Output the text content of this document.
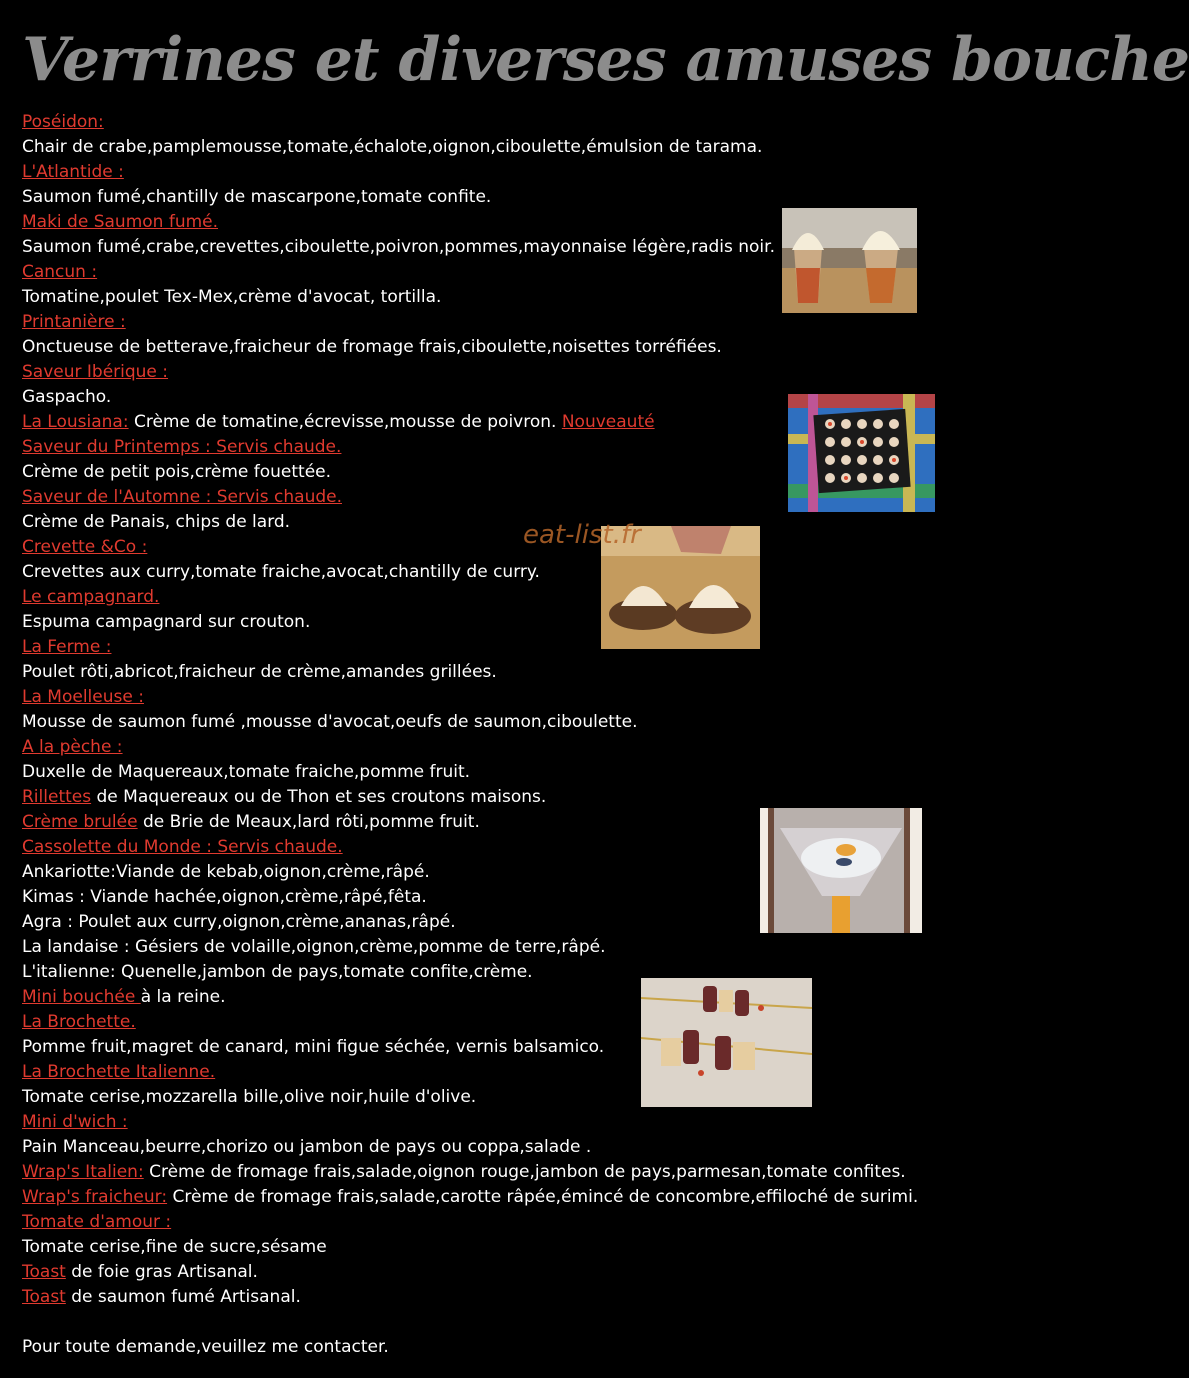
Verrines et diverses amuses bouche
Poséidon:
Chair de crabe,pamplemousse,tomate,échalote,oignon,ciboulette,émulsion de tarama.
L'Atlantide :
Saumon fumé,chantilly de mascarpone,tomate confite.
Maki de Saumon fumé.
Saumon fumé,crabe,crevettes,ciboulette,poivron,pommes,mayonnaise légère,radis noir.
Cancun :
Tomatine,poulet Tex-Mex,crème d'avocat, tortilla.
Printanière :
Onctueuse de betterave,fraicheur de fromage frais,ciboulette,noisettes torréfiées.
Saveur Ibérique :
Gaspacho.
La Lousiana: Crème de tomatine,écrevisse,mousse de poivron. Nouveauté
Saveur du Printemps : Servis chaude.
Crème de petit pois,crème fouettée.
Saveur de l'Automne : Servis chaude.
Crème de Panais, chips de lard.
Crevette &Co :
Crevettes aux curry,tomate fraiche,avocat,chantilly de curry.
Le campagnard.
Espuma campagnard sur crouton.
La Ferme :
Poulet rôti,abricot,fraicheur de crème,amandes grillées.
La Moelleuse :
Mousse de saumon fumé ,mousse d'avocat,oeufs de saumon,ciboulette.
A la pèche :
Duxelle de Maquereaux,tomate fraiche,pomme fruit.
Rillettes de Maquereaux ou de Thon et ses croutons maisons.
Crème brulée de Brie de Meaux,lard rôti,pomme fruit.
Cassolette du Monde : Servis chaude.
Ankariotte:Viande de kebab,oignon,crème,râpé.
Kimas : Viande hachée,oignon,crème,râpé,fêta.
Agra : Poulet aux curry,oignon,crème,ananas,râpé.
La landaise : Gésiers de volaille,oignon,crème,pomme de terre,râpé.
L'italienne: Quenelle,jambon de pays,tomate confite,crème.
Mini bouchée à la reine.
La Brochette.
Pomme fruit,magret de canard, mini figue séchée, vernis balsamico.
La Brochette Italienne.
Tomate cerise,mozzarella bille,olive noir,huile d'olive.
Mini d'wich :
Pain Manceau,beurre,chorizo ou jambon de pays ou coppa,salade .
Wrap's Italien: Crème de fromage frais,salade,oignon rouge,jambon de pays,parmesan,tomate confites.
Wrap's fraicheur: Crème de fromage frais,salade,carotte râpée,émincé de concombre,effiloché de surimi.
Tomate d'amour :
Tomate cerise,fine de sucre,sésame
Toast de foie gras Artisanal.
Toast de saumon fumé Artisanal.
Pour toute demande,veuillez me contacter.
eat-list.fr
